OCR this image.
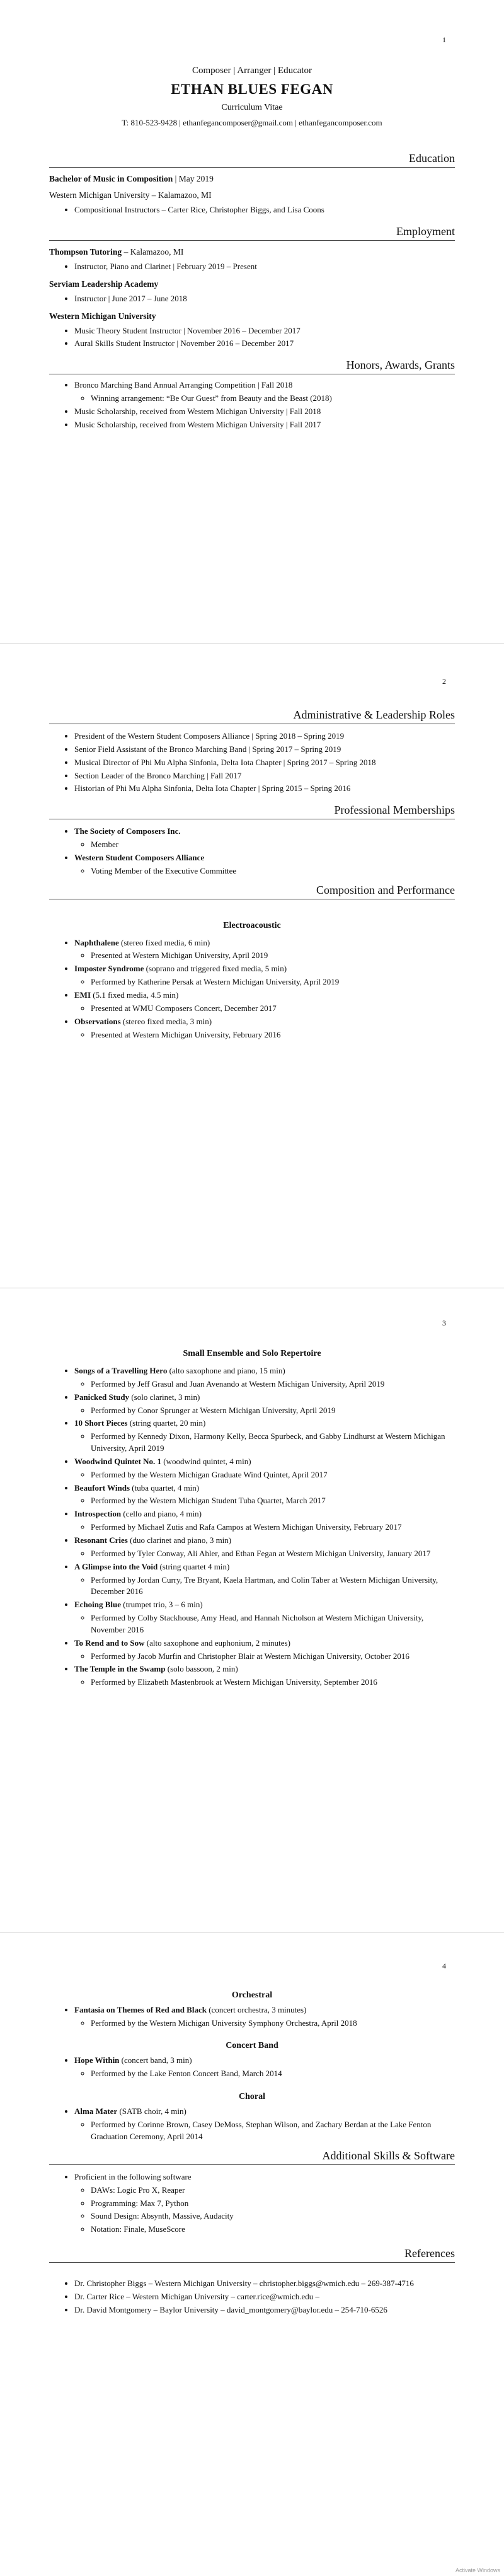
1
Composer | Arranger | Educator
ETHAN BLUES FEGAN
Curriculum Vitae
T: 810-523-9428 | ethanfegancomposer@gmail.com | ethanfegancomposer.com
Education
Bachelor of Music in Composition | May 2019
Western Michigan University – Kalamazoo, MI
• Compositional Instructors – Carter Rice, Christopher Biggs, and Lisa Coons
Employment
Thompson Tutoring – Kalamazoo, MI
• Instructor, Piano and Clarinet | February 2019 – Present
Serviam Leadership Academy
• Instructor | June 2017 – June 2018
Western Michigan University
• Music Theory Student Instructor | November 2016 – December 2017
• Aural Skills Student Instructor | November 2016 – December 2017
Honors, Awards, Grants
• Bronco Marching Band Annual Arranging Competition | Fall 2018
◦ Winning arrangement: “Be Our Guest” from Beauty and the Beast (2018)
• Music Scholarship, received from Western Michigan University | Fall 2018
• Music Scholarship, received from Western Michigan University | Fall 2017
2
Administrative & Leadership Roles
• President of the Western Student Composers Alliance | Spring 2018 – Spring 2019
• Senior Field Assistant of the Bronco Marching Band | Spring 2017 – Spring 2019
• Musical Director of Phi Mu Alpha Sinfonia, Delta Iota Chapter | Spring 2017 – Spring 2018
• Section Leader of the Bronco Marching | Fall 2017
• Historian of Phi Mu Alpha Sinfonia, Delta Iota Chapter | Spring 2015 – Spring 2016
Professional Memberships
• The Society of Composers Inc.
◦ Member
• Western Student Composers Alliance
◦ Voting Member of the Executive Committee
Composition and Performance
Electroacoustic
• Naphthalene (stereo fixed media, 6 min)
◦ Presented at Western Michigan University, April 2019
• Imposter Syndrome (soprano and triggered fixed media, 5 min)
◦ Performed by Katherine Persak at Western Michigan University, April 2019
• EMI (5.1 fixed media, 4.5 min)
◦ Presented at WMU Composers Concert, December 2017
• Observations (stereo fixed media, 3 min)
◦ Presented at Western Michigan University, February 2016
3
Small Ensemble and Solo Repertoire
• Songs of a Travelling Hero (alto saxophone and piano, 15 min)
◦ Performed by Jeff Grasul and Juan Avenando at Western Michigan University, April 2019
• Panicked Study (solo clarinet, 3 min)
◦ Performed by Conor Sprunger at Western Michigan University, April 2019
• 10 Short Pieces (string quartet, 20 min)
◦ Performed by Kennedy Dixon, Harmony Kelly, Becca Spurbeck, and Gabby Lindhurst at Western Michigan University, April 2019
• Woodwind Quintet No. 1 (woodwind quintet, 4 min)
◦ Performed by the Western Michigan Graduate Wind Quintet, April 2017
• Beaufort Winds (tuba quartet, 4 min)
◦ Performed by the Western Michigan Student Tuba Quartet, March 2017
• Introspection (cello and piano, 4 min)
◦ Performed by Michael Zutis and Rafa Campos at Western Michigan University, February 2017
• Resonant Cries (duo clarinet and piano, 3 min)
◦ Performed by Tyler Conway, Ali Ahler, and Ethan Fegan at Western Michigan University, January 2017
• A Glimpse into the Void (string quartet 4 min)
◦ Performed by Jordan Curry, Tre Bryant, Kaela Hartman, and Colin Taber at Western Michigan University, December 2016
• Echoing Blue (trumpet trio, 3 – 6 min)
◦ Performed by Colby Stackhouse, Amy Head, and Hannah Nicholson at Western Michigan University, November 2016
• To Rend and to Sow (alto saxophone and euphonium, 2 minutes)
◦ Performed by Jacob Murfin and Christopher Blair at Western Michigan University, October 2016
• The Temple in the Swamp (solo bassoon, 2 min)
◦ Performed by Elizabeth Mastenbrook at Western Michigan University, September 2016
4
Orchestral
• Fantasia on Themes of Red and Black (concert orchestra, 3 minutes)
◦ Performed by the Western Michigan University Symphony Orchestra, April 2018
Concert Band
• Hope Within (concert band, 3 min)
◦ Performed by the Lake Fenton Concert Band, March 2014
Choral
• Alma Mater (SATB choir, 4 min)
◦ Performed by Corinne Brown, Casey DeMoss, Stephan Wilson, and Zachary Berdan at the Lake Fenton Graduation Ceremony, April 2014
Additional Skills & Software
• Proficient in the following software
◦ DAWs: Logic Pro X, Reaper
◦ Programming: Max 7, Python
◦ Sound Design: Absynth, Massive, Audacity
◦ Notation: Finale, MuseScore
References
• Dr. Christopher Biggs – Western Michigan University – christopher.biggs@wmich.edu – 269-387-4716
• Dr. Carter Rice – Western Michigan University – carter.rice@wmich.edu –
• Dr. David Montgomery – Baylor University – david_montgomery@baylor.edu – 254-710-6526
Activate Windows
